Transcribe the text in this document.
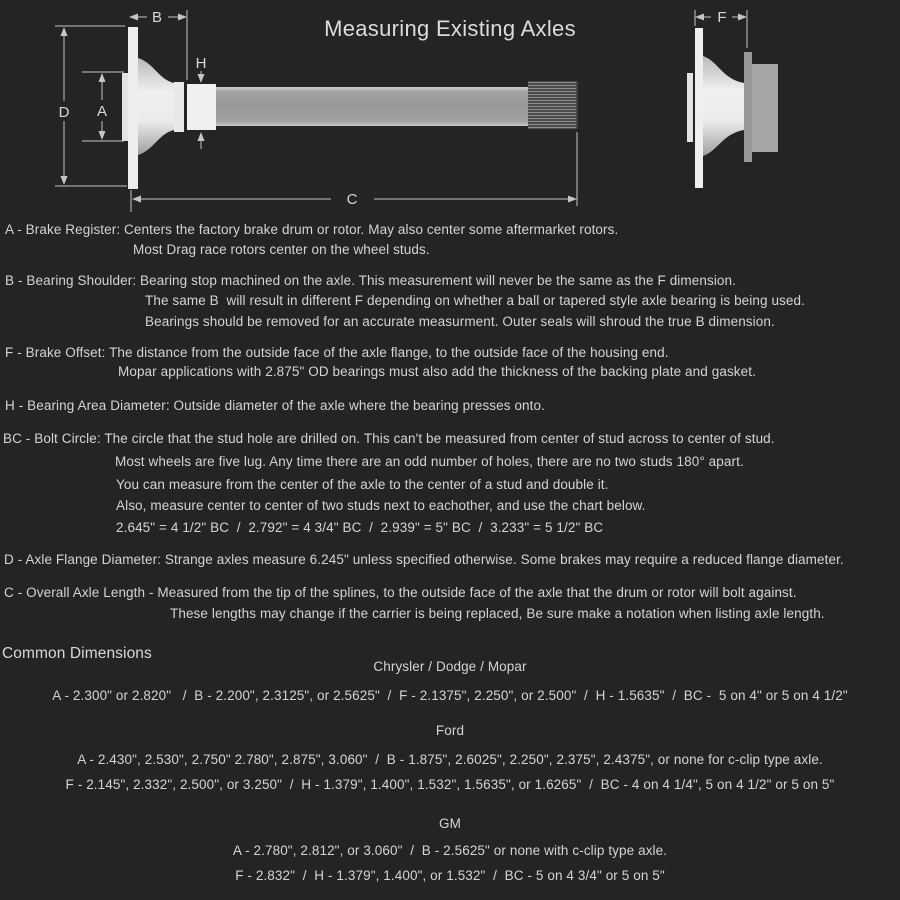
Measuring Existing Axles
B
D A
H
C
F
A - Brake Register: Centers the factory brake drum or rotor. May also center some aftermarket rotors.
Most Drag race rotors center on the wheel studs.
B - Bearing Shoulder: Bearing stop machined on the axle. This measurement will never be the same as the F dimension.
The same B  will result in different F depending on whether a ball or tapered style axle bearing is being used.
Bearings should be removed for an accurate measurment. Outer seals will shroud the true B dimension.
F - Brake Offset: The distance from the outside face of the axle flange, to the outside face of the housing end.
Mopar applications with 2.875" OD bearings must also add the thickness of the backing plate and gasket.
H - Bearing Area Diameter: Outside diameter of the axle where the bearing presses onto.
BC - Bolt Circle: The circle that the stud hole are drilled on. This can't be measured from center of stud across to center of stud.
Most wheels are five lug. Any time there are an odd number of holes, there are no two studs 180° apart.
You can measure from the center of the axle to the center of a stud and double it.
Also, measure center to center of two studs next to eachother, and use the chart below.
2.645" = 4 1/2" BC  /  2.792" = 4 3/4" BC  /  2.939" = 5" BC  /  3.233" = 5 1/2" BC
D - Axle Flange Diameter: Strange axles measure 6.245" unless specified otherwise. Some brakes may require a reduced flange diameter.
C - Overall Axle Length - Measured from the tip of the splines, to the outside face of the axle that the drum or rotor will bolt against.
These lengths may change if the carrier is being replaced, Be sure make a notation when listing axle length.
Common Dimensions
Chrysler / Dodge / Mopar
A - 2.300" or 2.820"   /  B - 2.200", 2.3125", or 2.5625"  /  F - 2.1375", 2.250", or 2.500"  /  H - 1.5635"  /  BC -  5 on 4" or 5 on 4 1/2"
Ford
A - 2.430", 2.530", 2.750" 2.780", 2.875", 3.060"  /  B - 1.875", 2.6025", 2.250", 2.375", 2.4375", or none for c-clip type axle.
F - 2.145", 2.332", 2.500", or 3.250"  /  H - 1.379", 1.400", 1.532", 1.5635", or 1.6265"  /  BC - 4 on 4 1/4", 5 on 4 1/2" or 5 on 5"
GM
A - 2.780", 2.812", or 3.060"  /  B - 2.5625" or none with c-clip type axle.
F - 2.832"  /  H - 1.379", 1.400", or 1.532"  /  BC - 5 on 4 3/4" or 5 on 5"
